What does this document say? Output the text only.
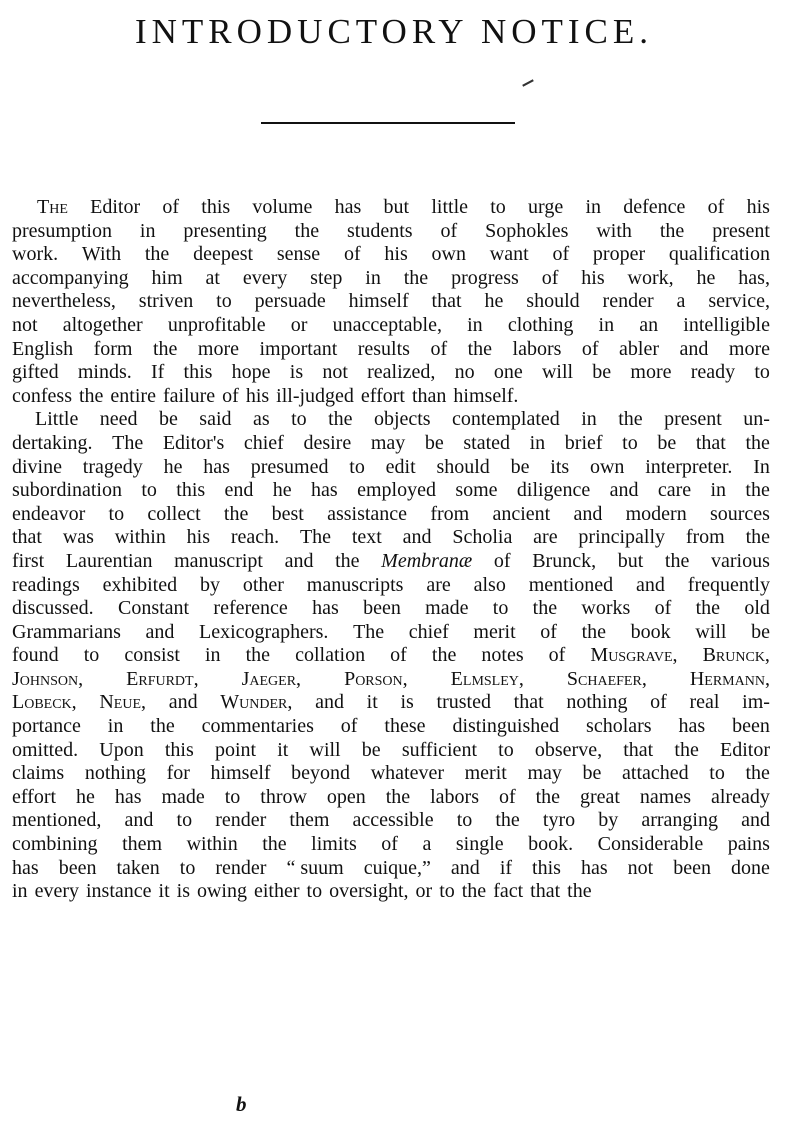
INTRODUCTORY NOTICE.
The Editor of this volume has but little to urge in defence of his
presumption in presenting the students of Sophokles with the present
work. With the deepest sense of his own want of proper qualification
accompanying him at every step in the progress of his work, he has,
nevertheless, striven to persuade himself that he should render a service,
not altogether unprofitable or unacceptable, in clothing in an intelligible
English form the more important results of the labors of abler and more
gifted minds. If this hope is not realized, no one will be more ready to
confess the entire failure of his ill-judged effort than himself.
Little need be said as to the objects contemplated in the present un-
dertaking. The Editor's chief desire may be stated in brief to be that the
divine tragedy he has presumed to edit should be its own interpreter. In
subordination to this end he has employed some diligence and care in the
endeavor to collect the best assistance from ancient and modern sources
that was within his reach. The text and Scholia are principally from the
first Laurentian manuscript and the Membranæ of Brunck, but the various
readings exhibited by other manuscripts are also mentioned and frequently
discussed. Constant reference has been made to the works of the old
Grammarians and Lexicographers. The chief merit of the book will be
found to consist in the collation of the notes of Musgrave, Brunck,
Johnson, Erfurdt, Jaeger, Porson, Elmsley, Schaefer, Hermann,
Lobeck, Neue, and Wunder, and it is trusted that nothing of real im-
portance in the commentaries of these distinguished scholars has been
omitted. Upon this point it will be sufficient to observe, that the Editor
claims nothing for himself beyond whatever merit may be attached to the
effort he has made to throw open the labors of the great names already
mentioned, and to render them accessible to the tyro by arranging and
combining them within the limits of a single book. Considerable pains
has been taken to render “ suum cuique,” and if this has not been done
in every instance it is owing either to oversight, or to the fact that the
b
